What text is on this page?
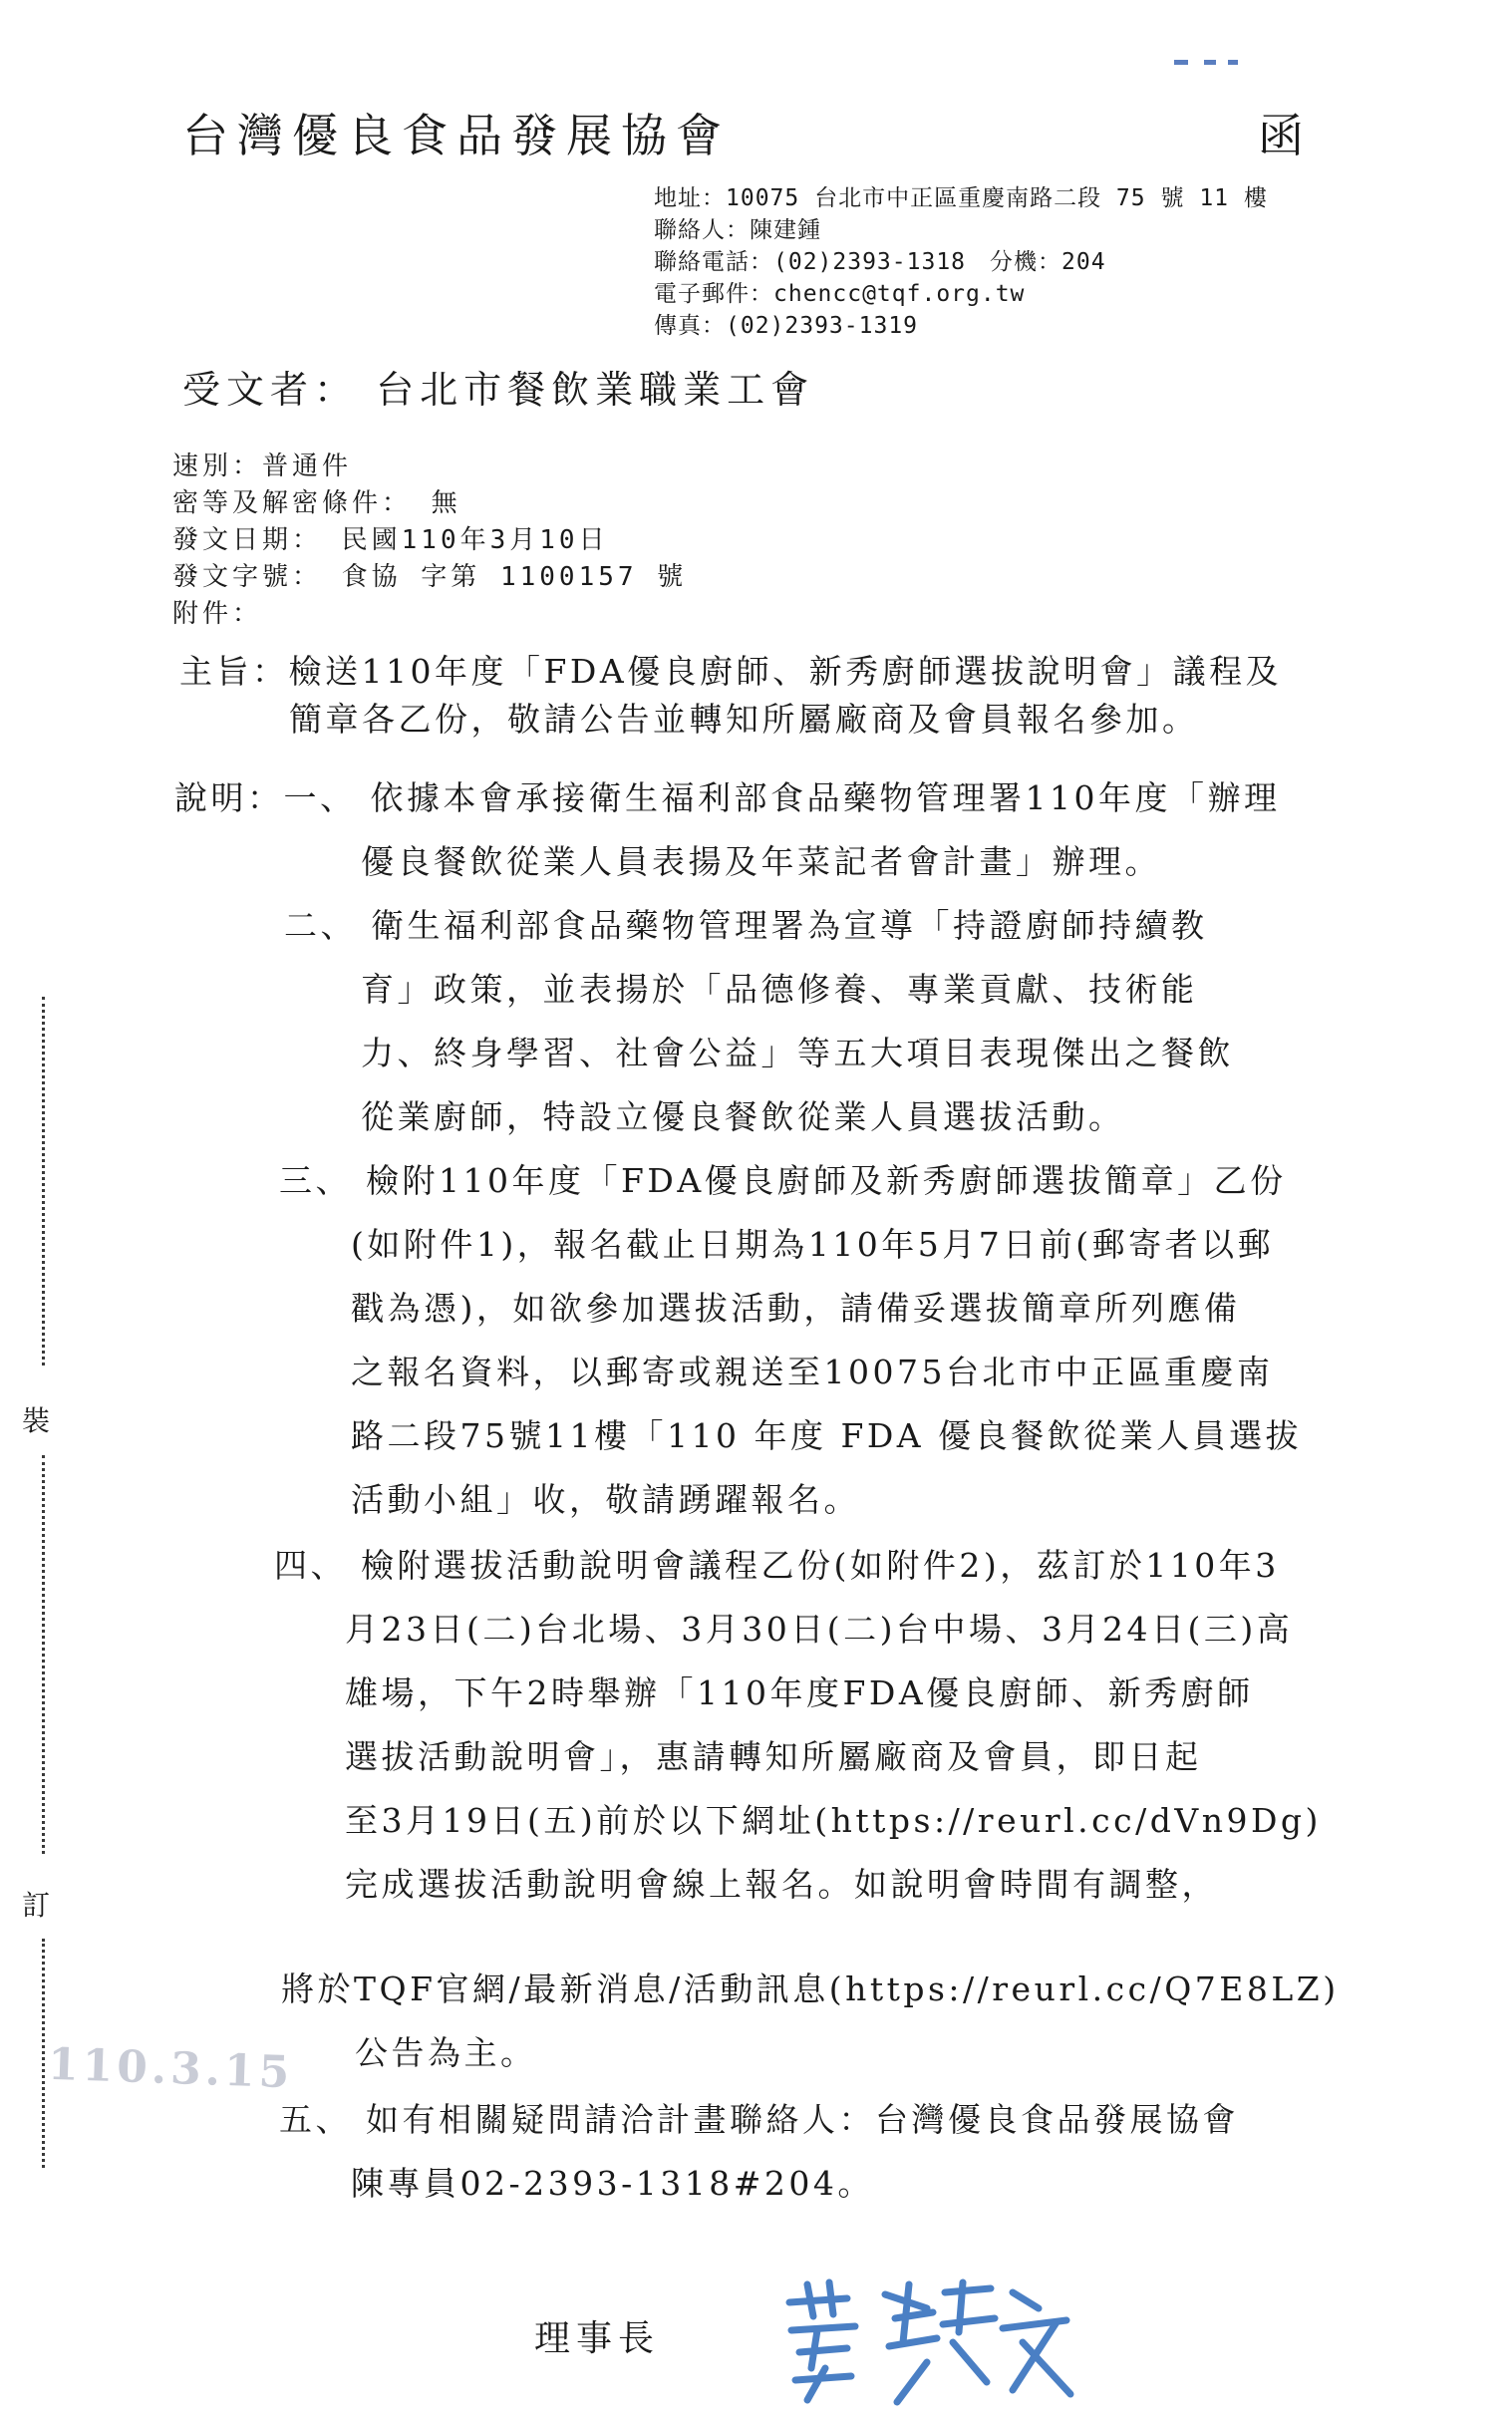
台灣優良食品發展協會	函
地址：10075 台北市中正區重慶南路二段 75 號 11 樓
聯絡人：陳建鍾
聯絡電話：(02)2393-1318　分機：204
電子郵件：chencc@tqf.org.tw
傳真：(02)2393-1319
受文者： 台北市餐飲業職業工會
速別：普通件
密等及解密條件： 無
發文日期： 民國110年3月10日
發文字號： 食協 字第 1100157 號
附件：
主旨：檢送110年度「FDA優良廚師、新秀廚師選拔說明會」議程及
簡章各乙份，敬請公告並轉知所屬廠商及會員報名參加。
說明：一、 依據本會承接衛生福利部食品藥物管理署110年度「辦理
優良餐飲從業人員表揚及年菜記者會計畫」辦理。
二、 衛生福利部食品藥物管理署為宣導「持證廚師持續教
育」政策，並表揚於「品德修養、專業貢獻、技術能
力、終身學習、社會公益」等五大項目表現傑出之餐飲
從業廚師，特設立優良餐飲從業人員選拔活動。
三、 檢附110年度「FDA優良廚師及新秀廚師選拔簡章」乙份
(如附件1)，報名截止日期為110年5月7日前(郵寄者以郵
戳為憑)，如欲參加選拔活動，請備妥選拔簡章所列應備
之報名資料，以郵寄或親送至10075台北市中正區重慶南
路二段75號11樓「110 年度 FDA 優良餐飲從業人員選拔
活動小組」收，敬請踴躍報名。
四、 檢附選拔活動說明會議程乙份(如附件2)，茲訂於110年3
月23日(二)台北場、3月30日(二)台中場、3月24日(三)高
雄場，下午2時舉辦「110年度FDA優良廚師、新秀廚師
選拔活動說明會」，惠請轉知所屬廠商及會員，即日起
至3月19日(五)前於以下網址(https://reurl.cc/dVn9Dg)
完成選拔活動說明會線上報名。如說明會時間有調整，
將於TQF官網/最新消息/活動訊息(https://reurl.cc/Q7E8LZ)
公告為主。
五、 如有相關疑問請洽計畫聯絡人：台灣優良食品發展協會
陳專員02-2393-1318#204。
裝
訂
110.3.15
理事長
黃耀文
